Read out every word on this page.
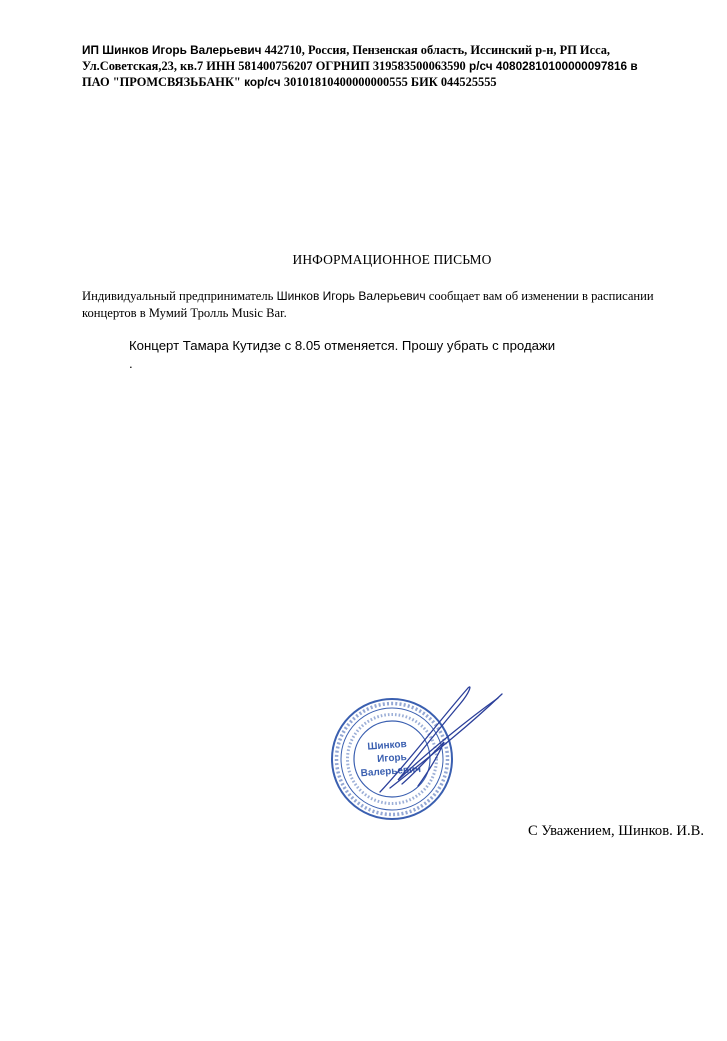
ИП Шинков Игорь Валерьевич 442710, Россия, Пензенская область, Иссинский р-н, РП Исса,
Ул.Советская,23, кв.7 ИНН 581400756207 ОГРНИП 319583500063590 р/сч 40802810100000097816 в
ПАО "ПРОМСВЯЗЬБАНК" кор/сч 30101810400000000555 БИК 044525555
ИНФОРМАЦИОННОЕ ПИСЬМО
Индивидуальный предприниматель Шинков Игорь Валерьевич сообщает вам об изменении в расписании концертов в Мумий Тролль Music Bar.
Концерт Тамара Кутидзе с 8.05 отменяется. Прошу убрать с продажи
.
Шинков
Игорь
Валерьевич
С Уважением, Шинков. И.В.
